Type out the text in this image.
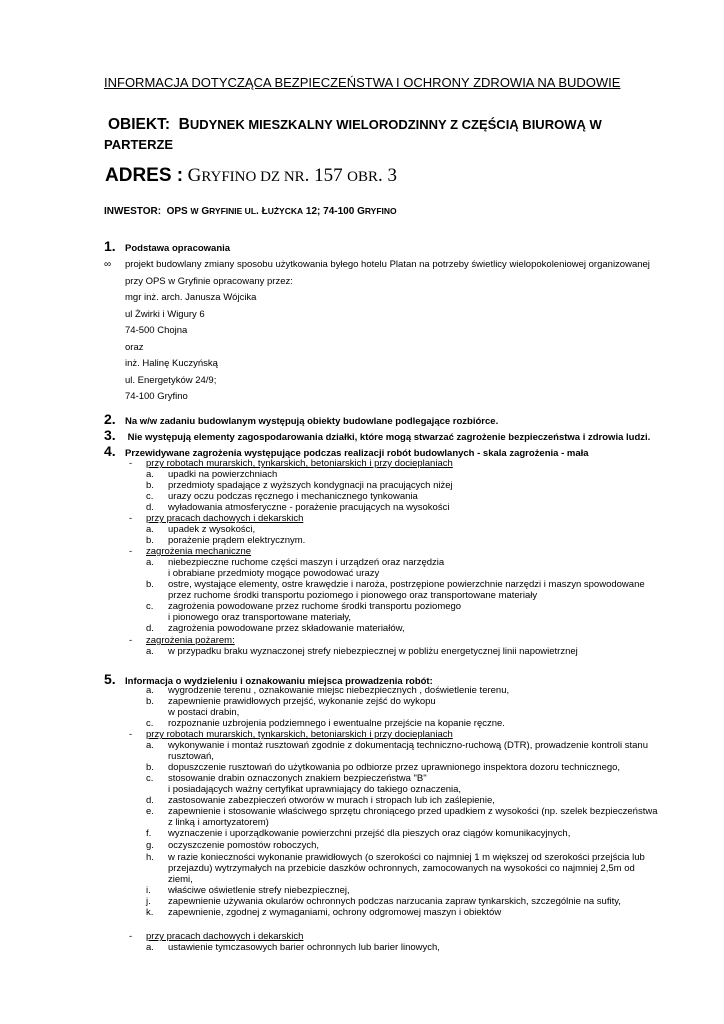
INFORMACJA DOTYCZĄCA BEZPIECZEŃSTWA I OCHRONY ZDROWIA NA BUDOWIE
OBIEKT: BUDYNEK MIESZKALNY WIELORODZINNY Z CZĘŚCIĄ BIUROWĄ W
PARTERZE
ADRES : GRYFINO DZ NR. 157 OBR. 3
INWESTOR: OPS W GRYFINIE UL. ŁUŻYCKA 12; 74-100 GRYFINO
1. Podstawa opracowania
∞ projekt budowlany zmiany sposobu użytkowania byłego hotelu Platan na potrzeby świetlicy wielopokoleniowej organizowanej
przy OPS w Gryfinie opracowany przez:
mgr inż. arch. Janusza Wójcika
ul Żwirki i Wigury 6
74-500 Chojna
oraz
inż. Halinę Kuczyńską
ul. Energetyków 24/9;
74-100 Gryfino
2. Na w/w zadaniu budowlanym występują obiekty budowlane podlegające rozbiórce.
3. Nie występują elementy zagospodarowania działki, które mogą stwarzać zagrożenie bezpieczeństwa i zdrowia ludzi.
4. Przewidywane zagrożenia występujące podczas realizacji robót budowlanych - skala zagrożenia - mała
- przy robotach murarskich, tynkarskich, betoniarskich i przy docieplaniach
a. upadki na powierzchniach
b. przedmioty spadające z wyższych kondygnacji na pracujących niżej
c. urazy oczu podczas ręcznego i mechanicznego tynkowania
d. wyładowania atmosferyczne - porażenie pracujących na wysokości
- przy pracach dachowych i dekarskich
a. upadek z wysokości,
b. porażenie prądem elektrycznym.
- zagrożenia mechaniczne
a. niebezpieczne ruchome części maszyn i urządzeń oraz narzędzia
i obrabiane przedmioty mogące powodować urazy
b. ostre, wystające elementy, ostre krawędzie i naroża, postrzępione powierzchnie narzędzi i maszyn spowodowane
przez ruchome środki transportu poziomego i pionowego oraz transportowane materiały
c. zagrożenia powodowane przez ruchome środki transportu poziomego
i pionowego oraz transportowane materiały,
d. zagrożenia powodowane przez składowanie materiałów,
- zagrożenia pożarem:
a. w przypadku braku wyznaczonej strefy niebezpiecznej w pobliżu energetycznej linii napowietrznej
5. Informacja o wydzieleniu i oznakowaniu miejsca prowadzenia robót:
a. wygrodzenie terenu , oznakowanie miejsc niebezpiecznych , doświetlenie terenu,
b. zapewnienie prawidłowych przejść, wykonanie zejść do wykopu
w postaci drabin,
c. rozpoznanie uzbrojenia podziemnego i ewentualne przejście na kopanie ręczne.
- przy robotach murarskich, tynkarskich, betoniarskich i przy docieplaniach
a. wykonywanie i montaż rusztowań zgodnie z dokumentacją techniczno-ruchową (DTR), prowadzenie kontroli stanu
rusztowań,
b. dopuszczenie rusztowań do użytkowania po odbiorze przez uprawnionego inspektora dozoru technicznego,
c. stosowanie drabin oznaczonych znakiem bezpieczeństwa "B"
i posiadających ważny certyfikat uprawniający do takiego oznaczenia,
d. zastosowanie zabezpieczeń otworów w murach i stropach lub ich zaślepienie,
e. zapewnienie i stosowanie właściwego sprzętu chroniącego przed upadkiem z wysokości (np. szelek bezpieczeństwa
z linką i amortyzatorem)
f. wyznaczenie i uporządkowanie powierzchni przejść dla pieszych oraz ciągów komunikacyjnych,
g. oczyszczenie pomostów roboczych,
h. w razie konieczności wykonanie prawidłowych (o szerokości co najmniej 1 m większej od szerokości przejścia lub
przejazdu) wytrzymałych na przebicie daszków ochronnych, zamocowanych na wysokości co najmniej 2,5m od
ziemi,
i. właściwe oświetlenie strefy niebezpiecznej,
j. zapewnienie używania okularów ochronnych podczas narzucania zapraw tynkarskich, szczególnie na sufity,
k. zapewnienie, zgodnej z wymaganiami, ochrony odgromowej maszyn i obiektów
- przy pracach dachowych i dekarskich
a. ustawienie tymczasowych barier ochronnych lub barier linowych,
